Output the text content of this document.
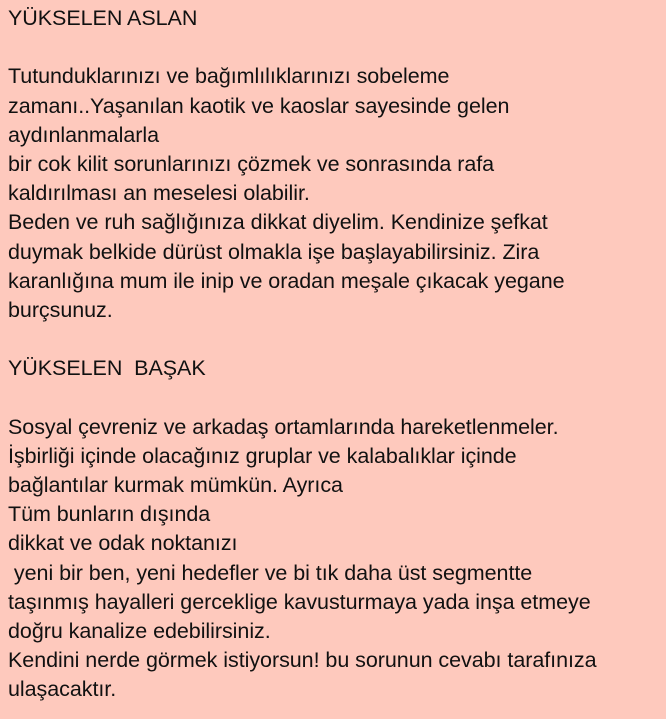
YÜKSELEN ASLAN
Tutunduklarınızı ve bağımlılıklarınızı sobeleme
zamanı..Yaşanılan kaotik ve kaoslar sayesinde gelen
aydınlanmalarla
bir cok kilit sorunlarınızı çözmek ve sonrasında rafa
kaldırılması an meselesi olabilir.
Beden ve ruh sağlığınıza dikkat diyelim. Kendinize şefkat
duymak belkide dürüst olmakla işe başlayabilirsiniz. Zira
karanlığına mum ile inip ve oradan meşale çıkacak yegane
burçsunuz.
YÜKSELEN  BAŞAK
Sosyal çevreniz ve arkadaş ortamlarında hareketlenmeler.
İşbirliği içinde olacağınız gruplar ve kalabalıklar içinde
bağlantılar kurmak mümkün. Ayrıca
Tüm bunların dışında
dikkat ve odak noktanızı
yeni bir ben, yeni hedefler ve bi tık daha üst segmentte
taşınmış hayalleri gerceklige kavusturmaya yada inşa etmeye
doğru kanalize edebilirsiniz.
Kendini nerde görmek istiyorsun! bu sorunun cevabı tarafınıza
ulaşacaktır.
